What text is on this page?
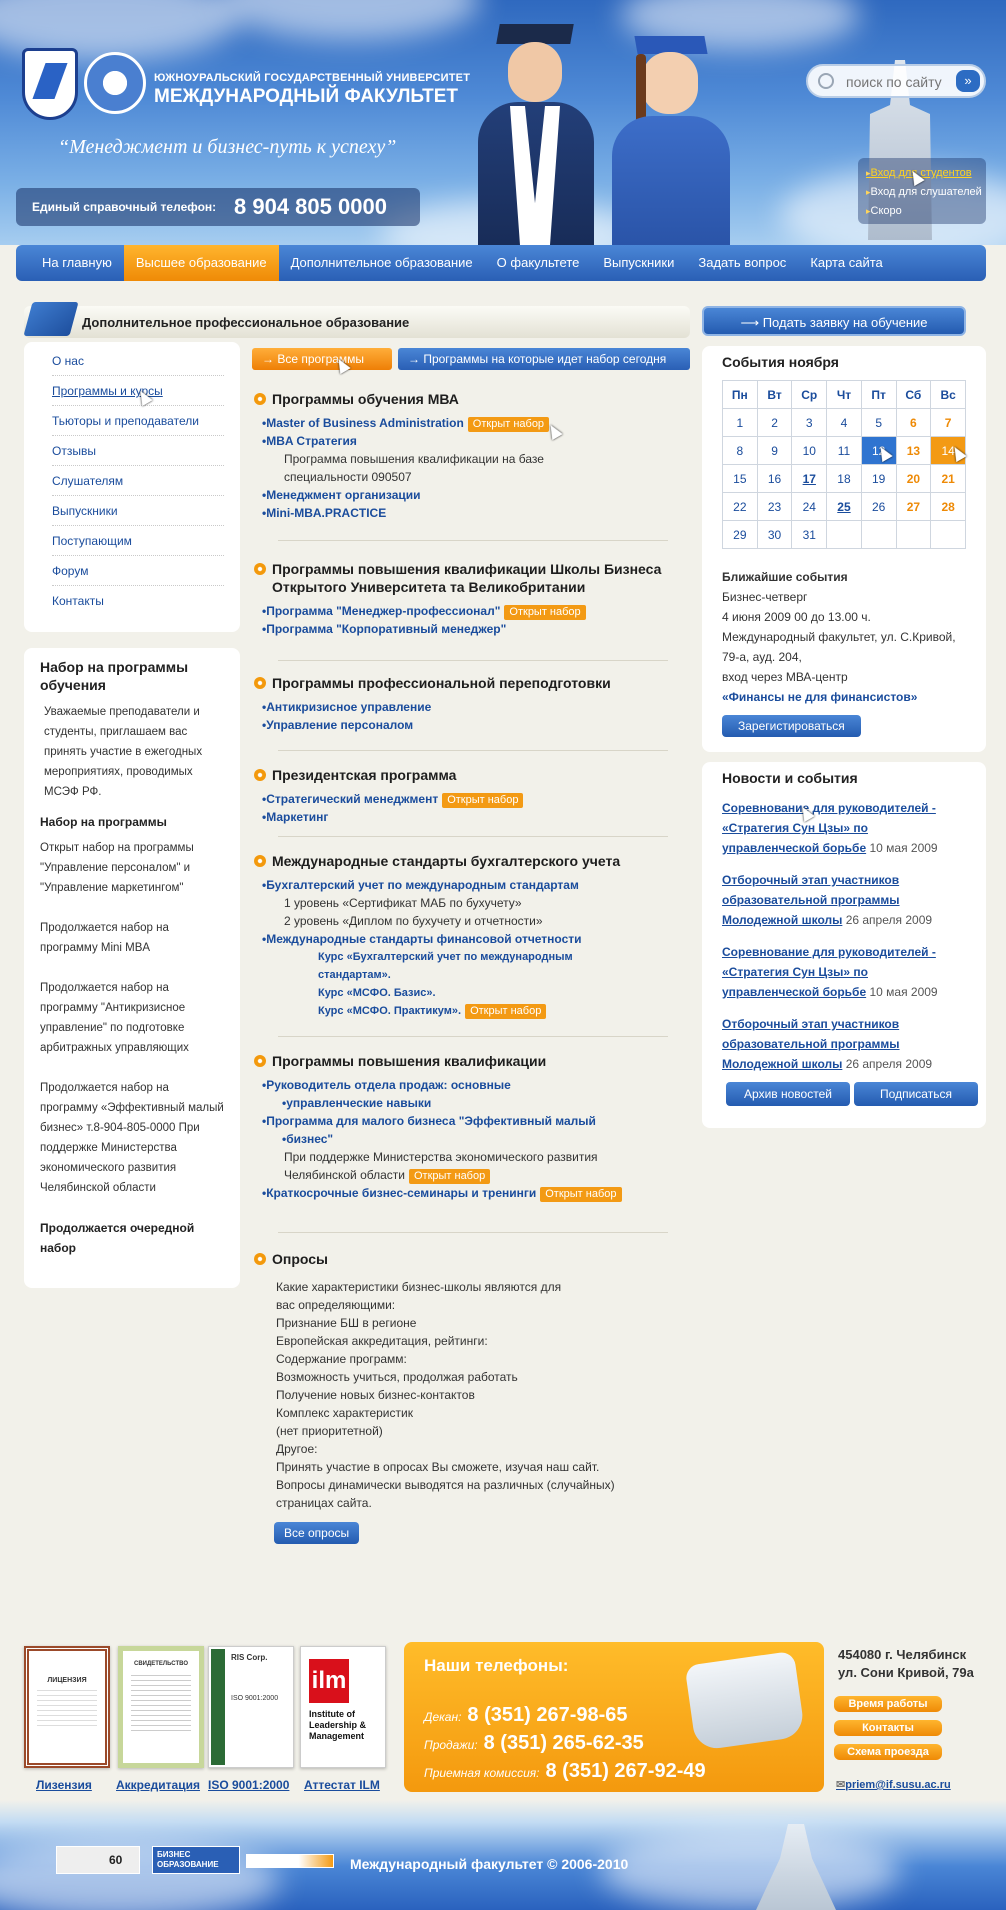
ЮЖНОУРАЛЬСКИЙ ГОСУДАРСТВЕННЫЙ УНИВЕРСИТЕТ
МЕЖДУНАРОДНЫЙ ФАКУЛЬТЕТ
“Менеджмент и бизнес-путь к успеху”
Единый справочный телефон: 8 904 805 0000
поиск по сайту
»
▸ Вход для студентов
▸ Вход для слушателей
▸ Скоро
На главную	Высшее образование	Дополнительное образование	О факультете	Выпускники	Задать вопрос	Карта сайта
Дополнительное профессиональное образование
О нас
Программы и курсы
Тьюторы и преподаватели
Отзывы
Слушателям
Выпускники
Поступающим
Форум
Контакты
Набор на программы обучения
Уважаемые преподаватели и студенты, приглашаем вас принять участие в ежегодных мероприятиях, проводимых МСЭФ РФ.
Набор на программы
Открыт набор на программы "Управление персоналом" и "Управление маркетингом"
Продолжается набор на программу Mini MBA
Продолжается набор на программу "Антикризисное управление" по подготовке арбитражных управляющих
Продолжается набор на программу «Эффективный малый бизнес» т.8-904-805-0000 При поддержке Министерства экономического развития Челябинской области
Продолжается очередной набор
→ Все программы	→ Программы на которые идет набор сегодня
Программы обучения МВА
• Master of Business Administration Открыт набор
• MBA Стратегия
Программа повышения квалификации на базе
специальности 090507
• Менеджмент организации
• Mini-MBA.PRACTICE
Программы повышения квалификации Школы Бизнеса Открытого Университета та Великобритании
• Программа "Менеджер-профессионал" Открыт набор
• Программа "Корпоративный менеджер"
Программы профессиональной переподготовки
• Антикризисное управление
• Управление персоналом
Президентская программа
• Стратегический менеджмент Открыт набор
• Маркетинг
Международные стандарты бухгалтерского учета
• Бухгалтерский учет по международным стандартам
1 уровень «Сертификат МАБ по бухучету»
2 уровень «Диплом по бухучету и отчетности»
• Международные стандарты финансовой отчетности
Курс «Бухгалтерский учет по международным
стандартам».
Курс «МСФО. Базис».
Курс «МСФО. Практикум». Открыт набор
Программы повышения квалификации
• Руководитель отдела продаж: основные
• управленческие навыки
• Программа для малого бизнеса "Эффективный малый
• бизнес"
При поддержке Министерства экономического развития
Челябинской области Открыт набор
• Краткосрочные бизнес-семинары и тренинги Открыт набор
Опросы
Какие характеристики бизнес-школы являются для
вас определяющими:
Признание БШ в регионе
Европейская аккредитация, рейтинги:
Содержание программ:
Возможность учиться, продолжая работать
Получение новых бизнес-контактов
Комплекс характеристик
(нет приоритетной)
Другое:
Принять участие в опросах Вы сможете, изучая наш сайт.
Вопросы динамически выводятся на различных (случайных)
страницах сайта.
Все опросы
⟶ Подать заявку на обучение
События ноября
Пн	Вт	Ср	Чт	Пт	Сб	Вс
1	2	3	4	5	6	7
8	9	10	11	12	13	14
15	16	17	18	19	20	21
22	23	24	25	26	27	28
29	30	31				
Ближайшие события
Бизнес-четверг
4 июня 2009 00 до 13.00 ч.
Международный факультет, ул. С.Кривой,
79-а, ауд. 204,
вход через МВА-центр
«Финансы не для финансистов»
Зарегистироваться
Новости и события
Соревнование для руководителей - «Стратегия Сун Цзы» по управленческой борьбе 10 мая 2009
Отборочный этап участников образовательной программы Молодежной школы 26 апреля 2009
Соревнование для руководителей - «Стратегия Сун Цзы» по управленческой борьбе 10 мая 2009
Отборочный этап участников образовательной программы Молодежной школы 26 апреля 2009
Архив новостей	Подписаться
ЛИЦЕНЗИЯ
СВИДЕТЕЛЬСТВО
RIS Corp.
ISO 9001:2000
ilm
Institute of Leadership & Management
Лизензия Аккредитация ISO 9001:2000 Аттестат ILM
Наши телефоны:
Декан: 8 (351) 267-98-65
Продажи: 8 (351) 265-62-35
Приемная комиссия: 8 (351) 267-92-49
454080 г. Челябинск
ул. Сони Кривой, 79а
Время работы
Контакты
Схема проезда
✉ priem@if.susu.ac.ru
60	БИЗНЕС ОБРАЗОВАНИЕ	Международный факультет © 2006-2010
